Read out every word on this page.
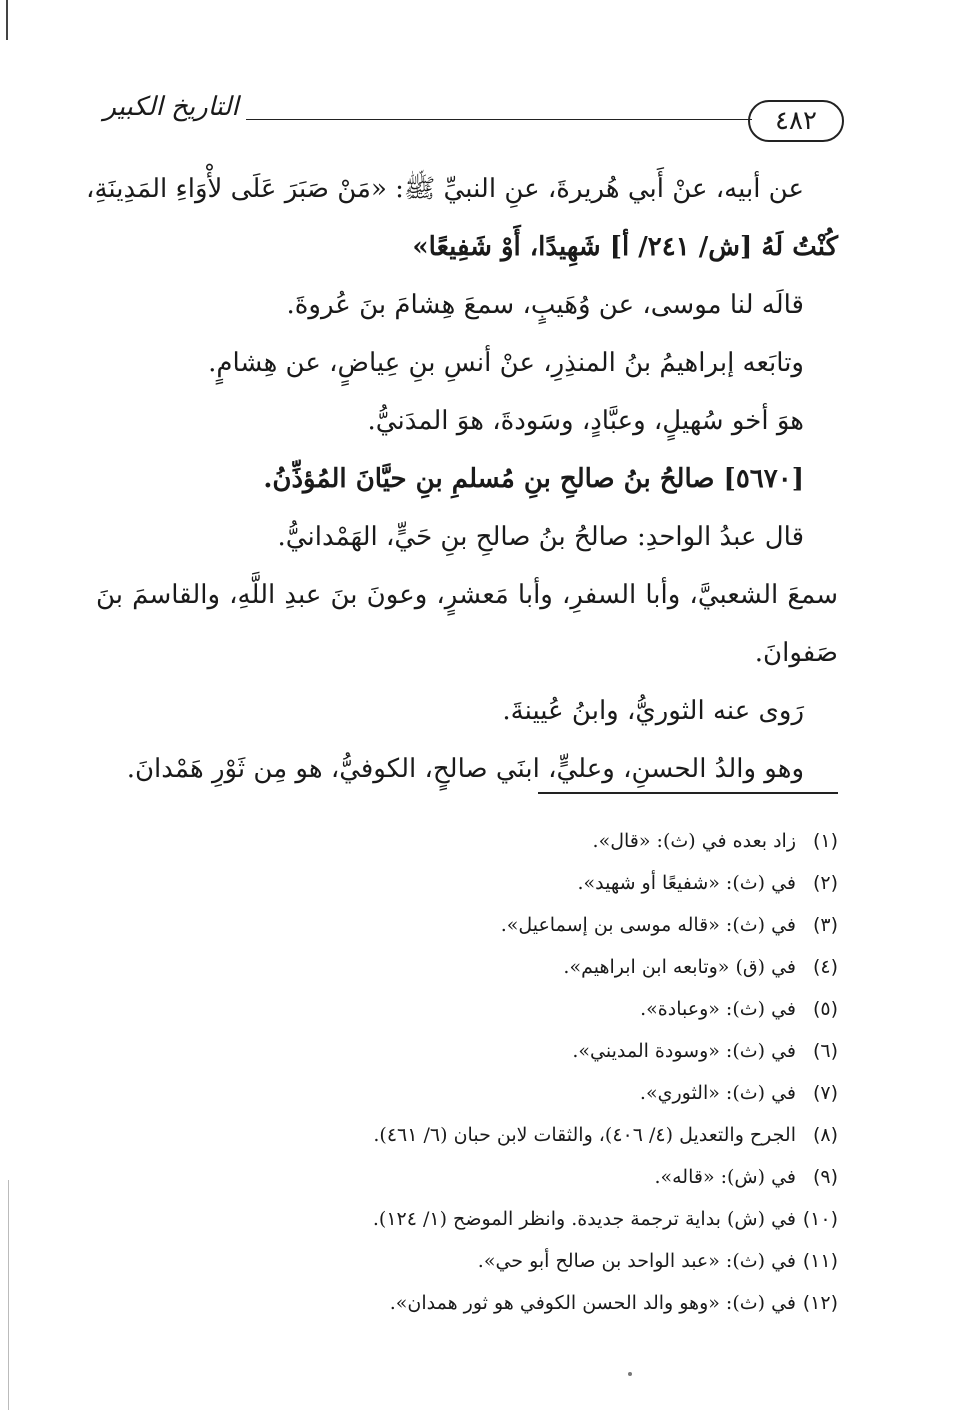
٤٨٢
التاريخ الكبير

عن أبيه، عنْ أَبي هُريرةَ، عنِ النبيِّ ﷺ: «مَنْ صَبَرَ عَلَى لأْوَاءِ المَدِينَةِ،

كُنْتُ لَهُ [ش/ ٢٤١/ أ] شَهِيدًا، أَوْ شَفِيعًا»

قالَه لنا موسى، عن وُهَيبٍ، سمعَ هِشامَ بنَ عُروةَ.

وتابَعه إبراهيمُ بنُ المنذِرِ، عنْ أنسِ بنِ عِياضٍ، عن هِشامٍ.

هوَ أخو سُهيلٍ، وعبَّادٍ، وسَودةَ، هوَ المدَنيُّ.

[٥٦٧٠] صالحُ بنُ صالحِ بنِ مُسلمِ بنِ حيَّانَ المُؤذِّنُ.

قال عبدُ الواحدِ: صالحُ بنُ صالحِ بنِ حَيٍّ، الهَمْدانيُّ.

سمعَ الشعبيَّ، وأبا السفرِ، وأبا مَعشرٍ، وعونَ بنَ عبدِ اللَّهِ، والقاسمَ بنَ

صَفوانَ.

رَوى عنه الثوريُّ، وابنُ عُيينةَ.

وهو والدُ الحسنِ، وعليٍّ، ابنَي صالحٍ، الكوفيُّ، هو مِن ثَوْرِ هَمْدانَ.

(١)زاد بعده في (ث): «قال».

(٢)في (ث): «شفيعًا أو شهيد».

(٣)في (ث): «قاله موسى بن إسماعيل».

(٤)في (ق) «وتابعه ابن ابراهيم».

(٥)في (ث): «وعبادة».

(٦)في (ث): «وسودة المديني».

(٧)في (ث): «الثوري».

(٨)الجرح والتعديل (٤/ ٤٠٦)، والثقات لابن حبان (٦/ ٤٦١).

(٩)في (ش): «قاله».

(١٠)في (ش) بداية ترجمة جديدة. وانظر الموضح (١/ ١٢٤).

(١١)في (ث): «عبد الواحد بن صالح أبو حي».

(١٢)في (ث): «وهو والد الحسن الكوفي هو ثور همدان».
